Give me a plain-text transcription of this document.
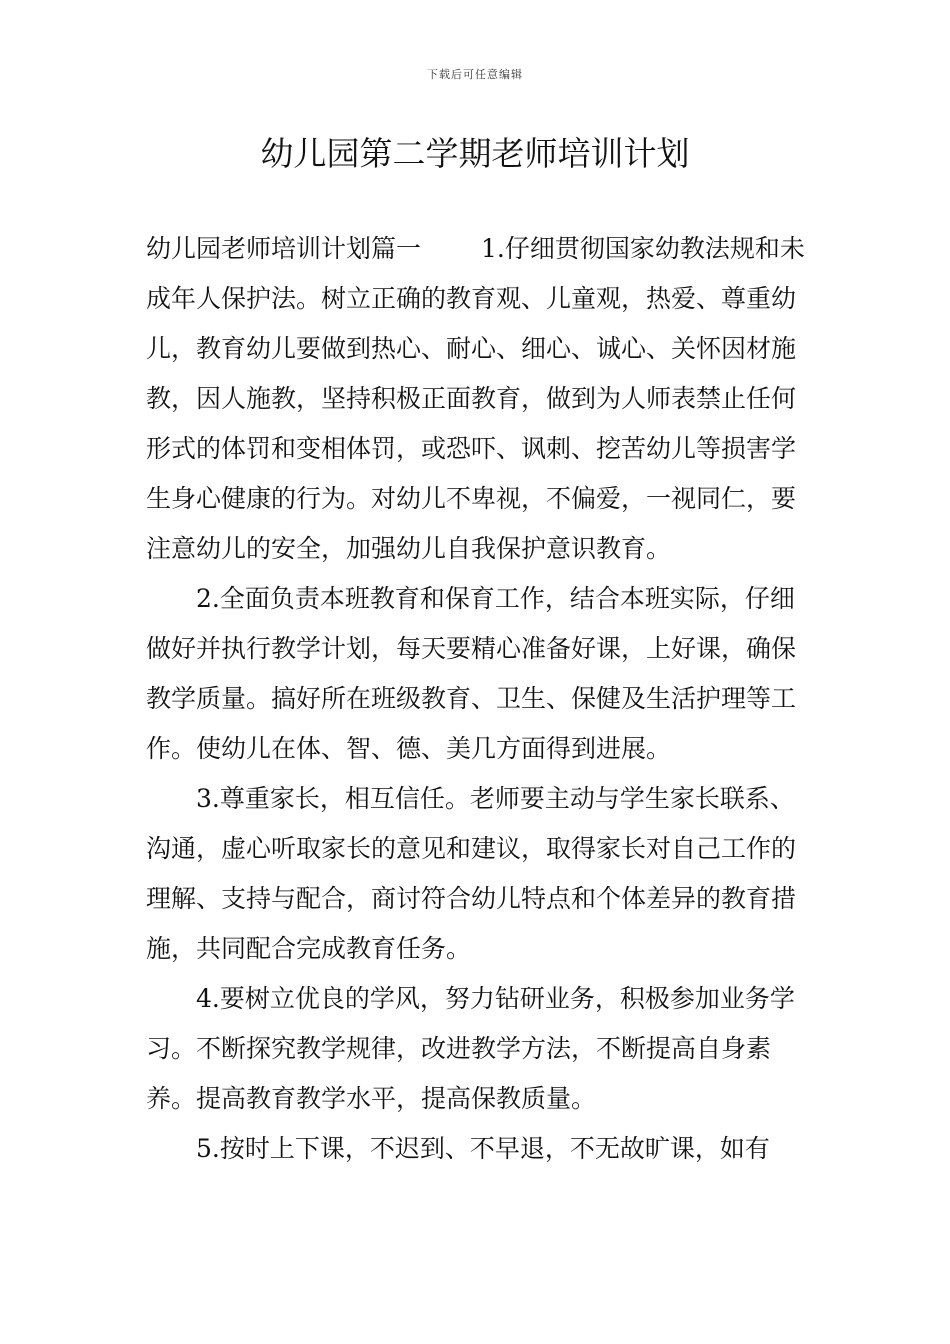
下载后可任意编辑
幼儿园第二学期老师培训计划

幼儿园老师培训计划篇一 1.仔细贯彻国家幼教法规和未成年人保护法。树立正确的教育观、儿童观，热爱、尊重幼儿，教育幼儿要做到热心、耐心、细心、诚心、关怀因材施教，因人施教，坚持积极正面教育，做到为人师表禁止任何形式的体罚和变相体罚，或恐吓、讽刺、挖苦幼儿等损害学生身心健康的行为。对幼儿不卑视，不偏爱，一视同仁，要注意幼儿的安全，加强幼儿自我保护意识教育。

2.全面负责本班教育和保育工作，结合本班实际，仔细做好并执行教学计划，每天要精心准备好课，上好课，确保教学质量。搞好所在班级教育、卫生、保健及生活护理等工作。使幼儿在体、智、德、美几方面得到进展。

3.尊重家长，相互信任。老师要主动与学生家长联系、沟通，虚心听取家长的意见和建议，取得家长对自己工作的理解、支持与配合，商讨符合幼儿特点和个体差异的教育措施，共同配合完成教育任务。

4.要树立优良的学风，努力钻研业务，积极参加业务学习。不断探究教学规律，改进教学方法，不断提高自身素养。提高教育教学水平，提高保教质量。

5.按时上下课，不迟到、不早退，不无故旷课，如有
